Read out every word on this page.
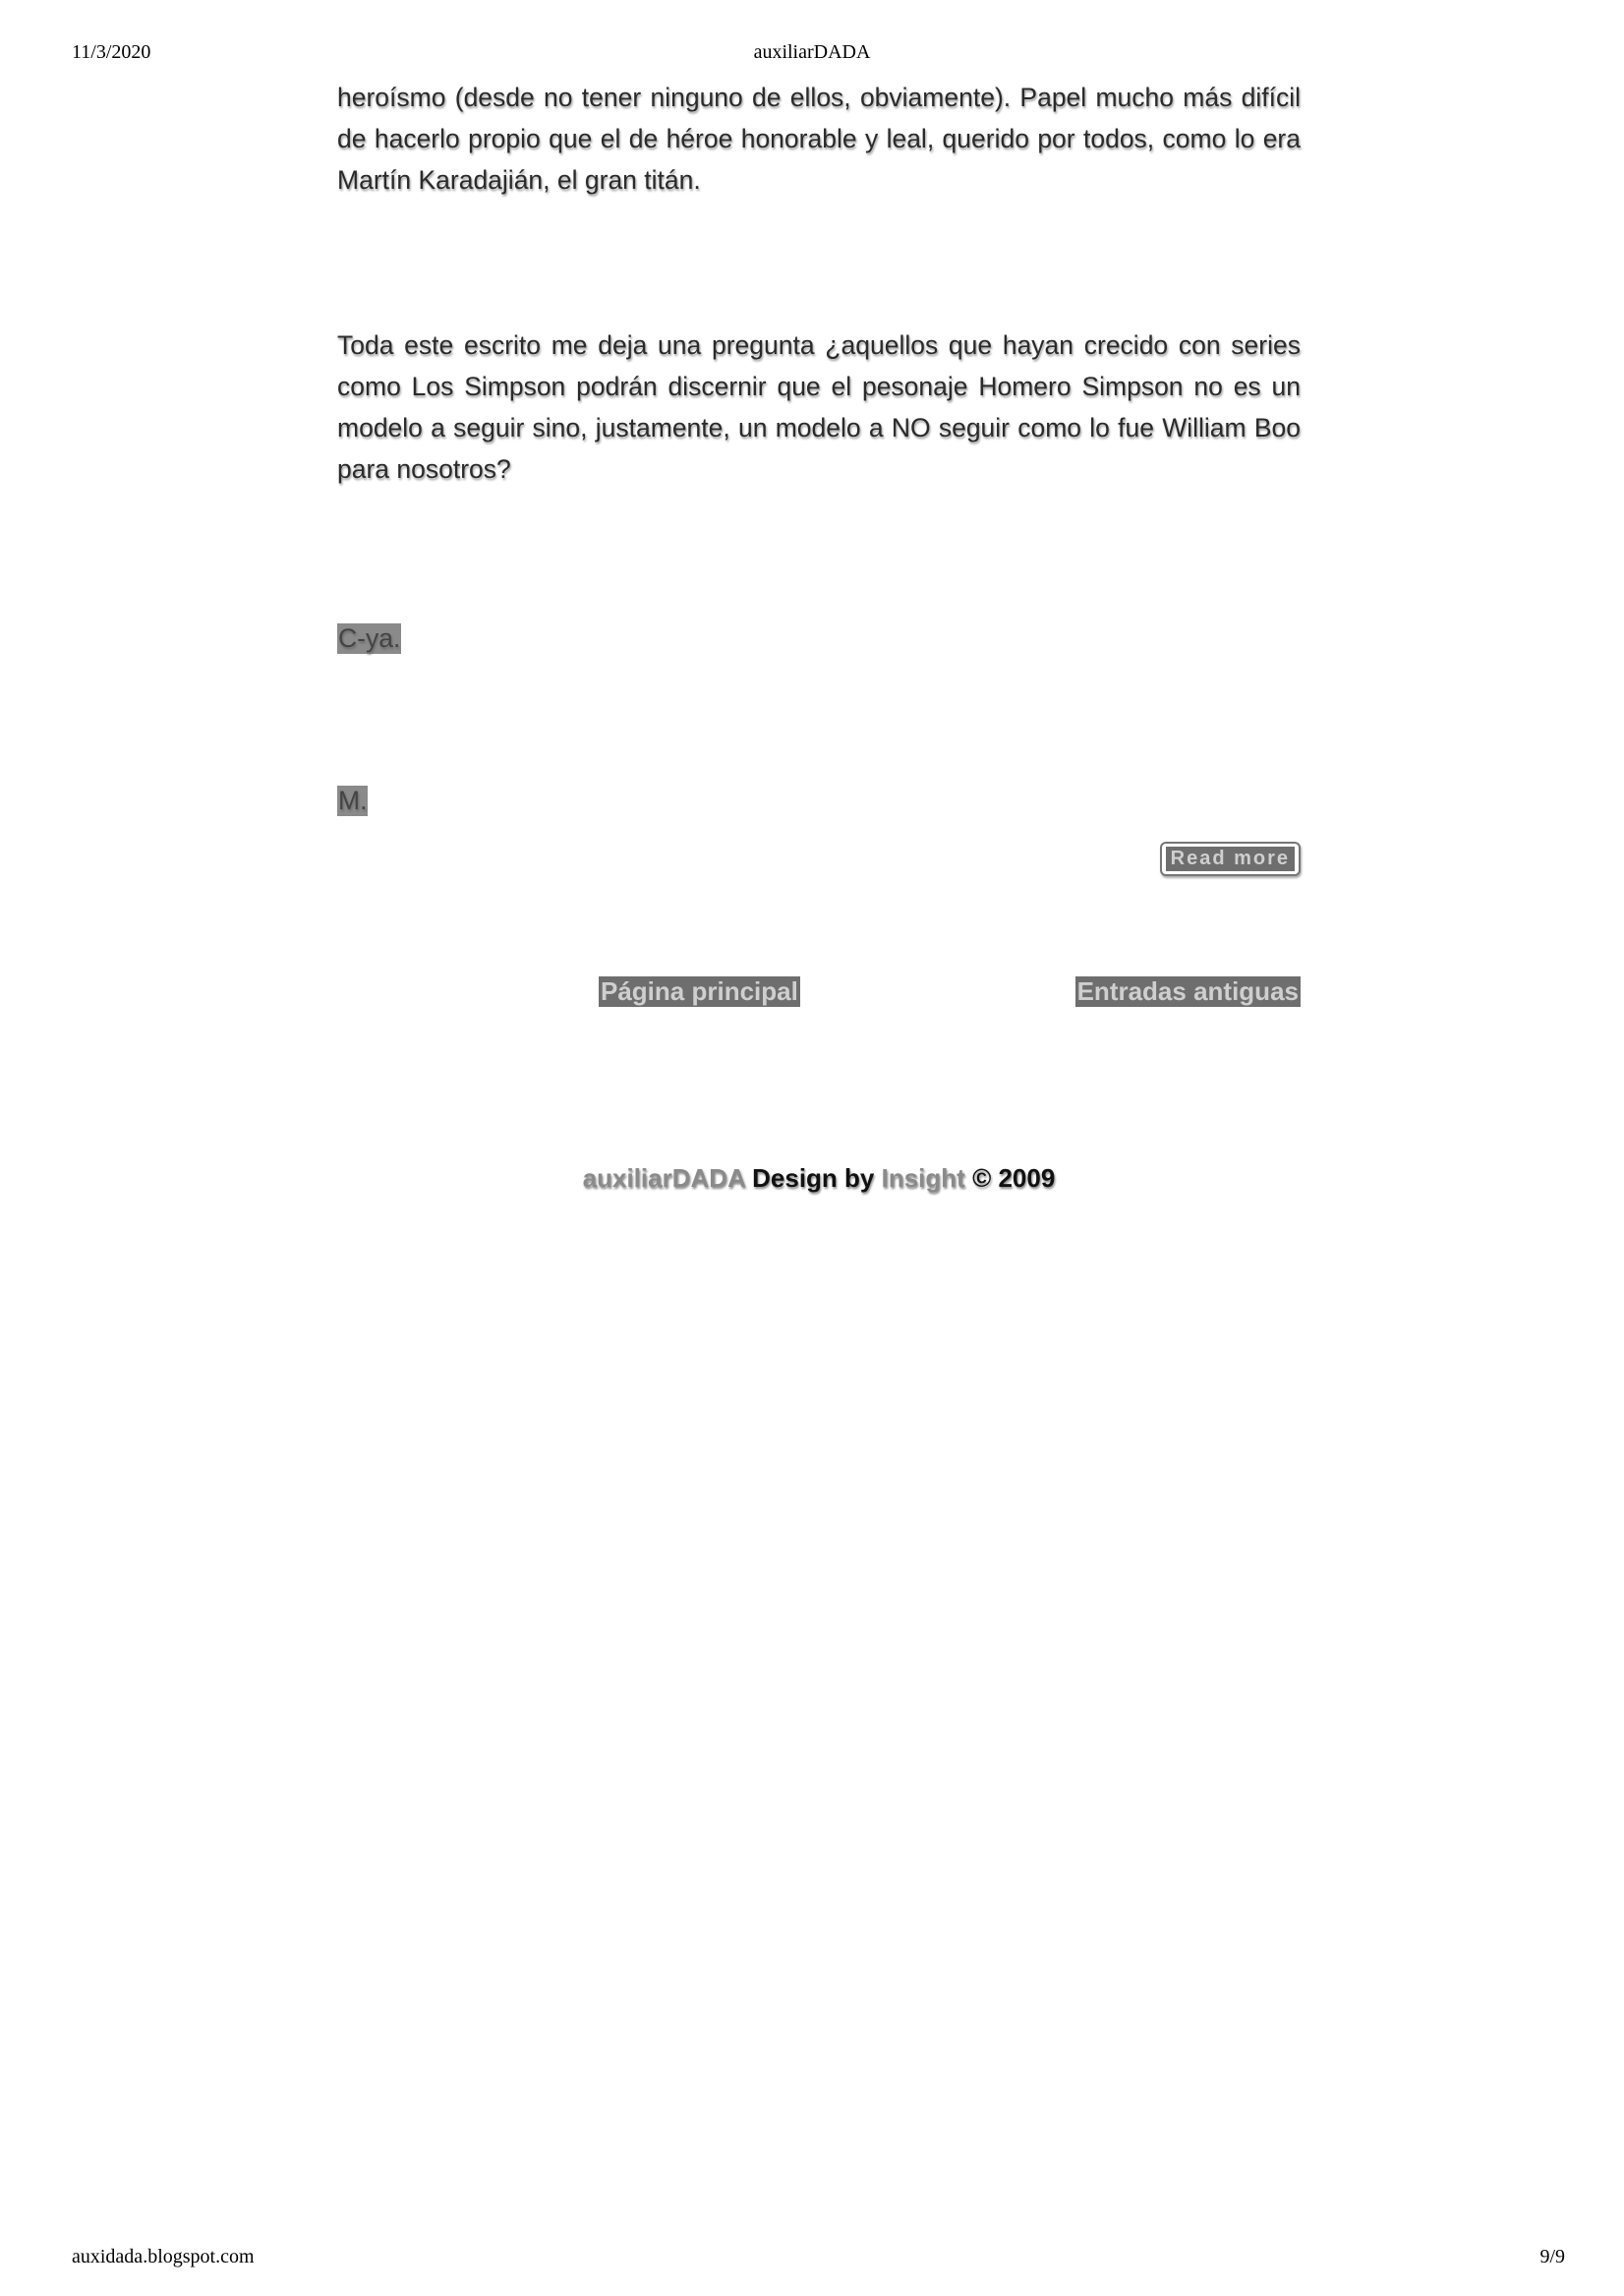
11/3/2020	auxiliarDADA

heroísmo (desde no tener ninguno de ellos, obviamente). Papel mucho más difícil de hacerlo propio que el de héroe honorable y leal, querido por todos, como lo era Martín Karadajián, el gran titán.

Toda este escrito me deja una pregunta ¿aquellos que hayan crecido con series como Los Simpson podrán discernir que el pesonaje Homero Simpson no es un modelo a seguir sino, justamente, un modelo a NO seguir como lo fue William Boo para nosotros?

C-ya.

M.

Read more
Página principal	Entradas antiguas
auxiliarDADA Design by Insight © 2009
auxidada.blogspot.com	9/9
